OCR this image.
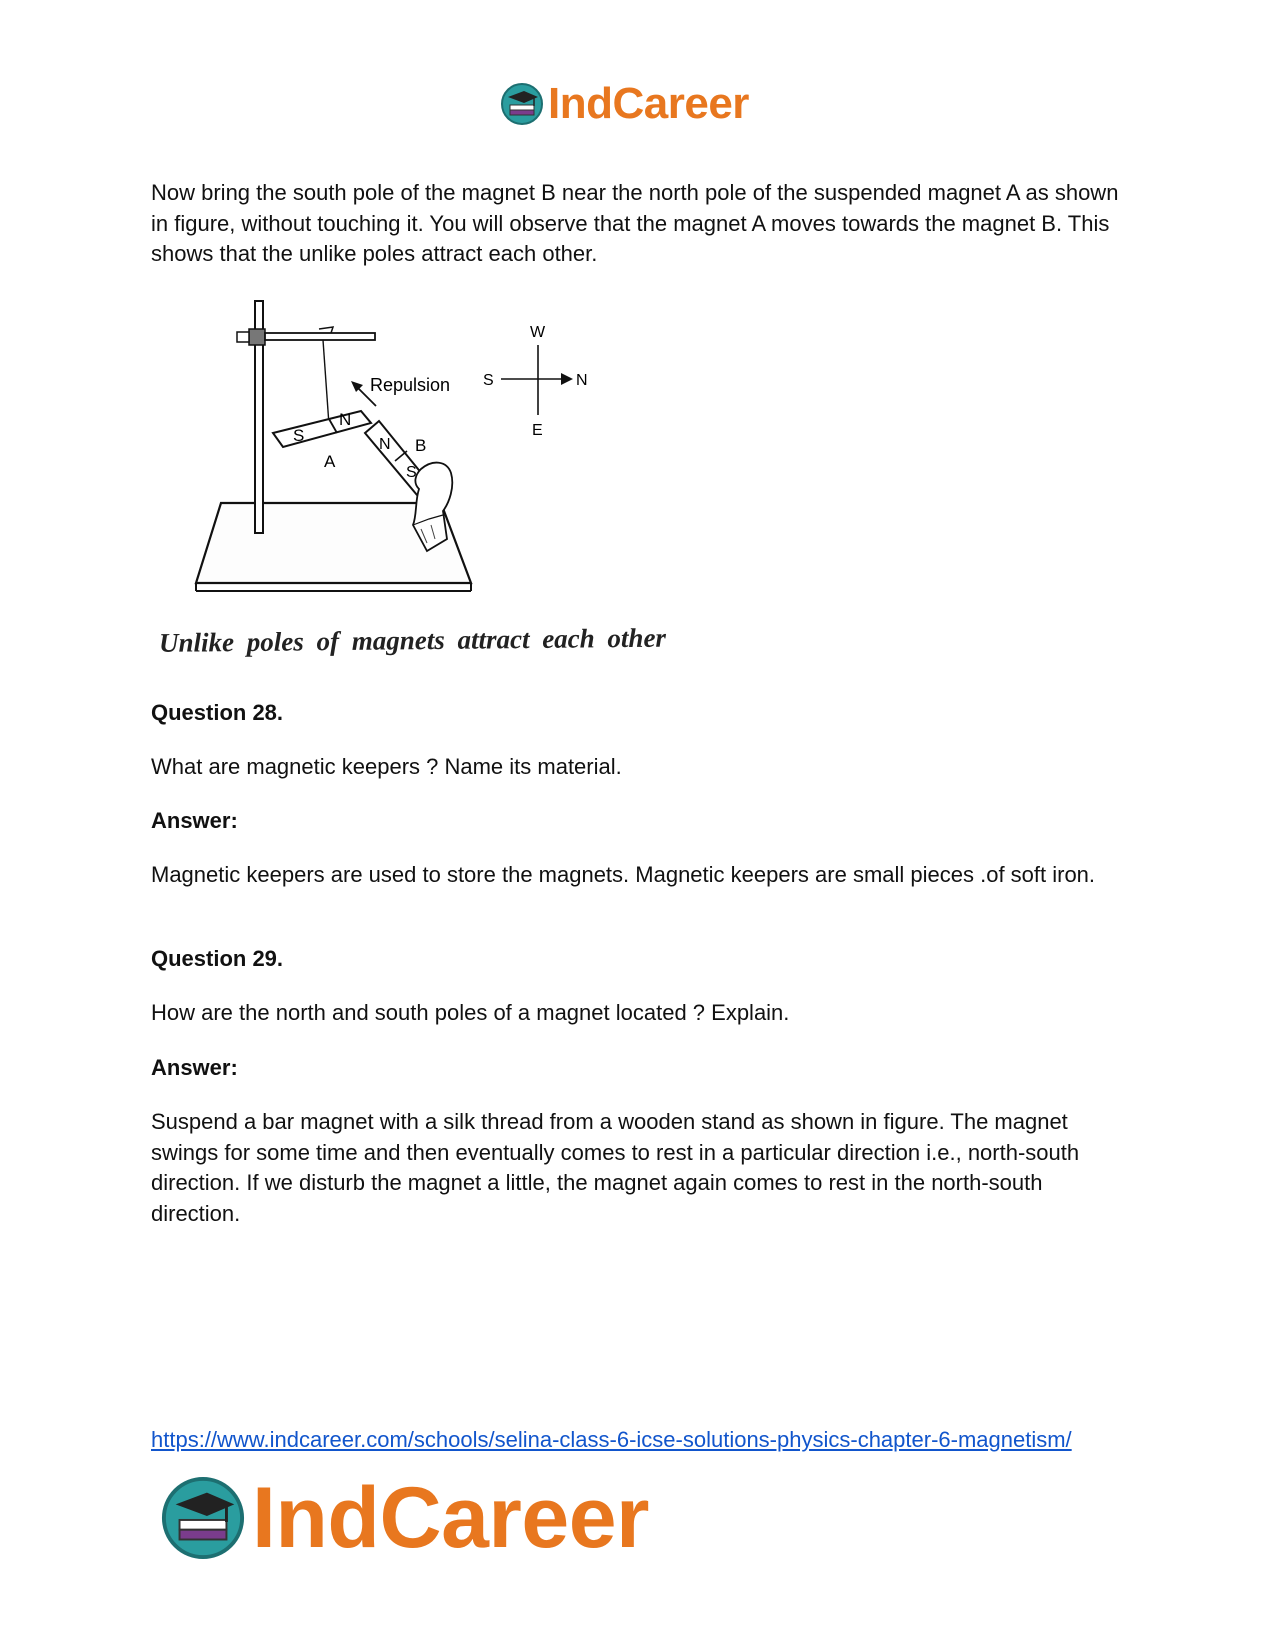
IndCareer

Now bring the south pole of the magnet B near the north pole of the suspended magnet A as shown in figure, without touching it. You will observe that the magnet A moves towards the magnet B. This shows that the unlike poles attract each other.

S
N
A
Repulsion
N
S
B
W
S	N
E
Unlike poles of magnets attract each other

Question 28.

What are magnetic keepers ? Name its material.

Answer:

Magnetic keepers are used to store the magnets. Magnetic keepers are small pieces .of soft iron.

Question 29.

How are the north and south poles of a magnet located ? Explain.

Answer:

Suspend a bar magnet with a silk thread from a wooden stand as shown in figure. The magnet swings for some time and then eventually comes to rest in a particular direction i.e., north-south direction. If we disturb the magnet a little, the magnet again comes to rest in the north-south direction.

https://www.indcareer.com/schools/selina-class-6-icse-solutions-physics-chapter-6-magnetism/
IndCareer
